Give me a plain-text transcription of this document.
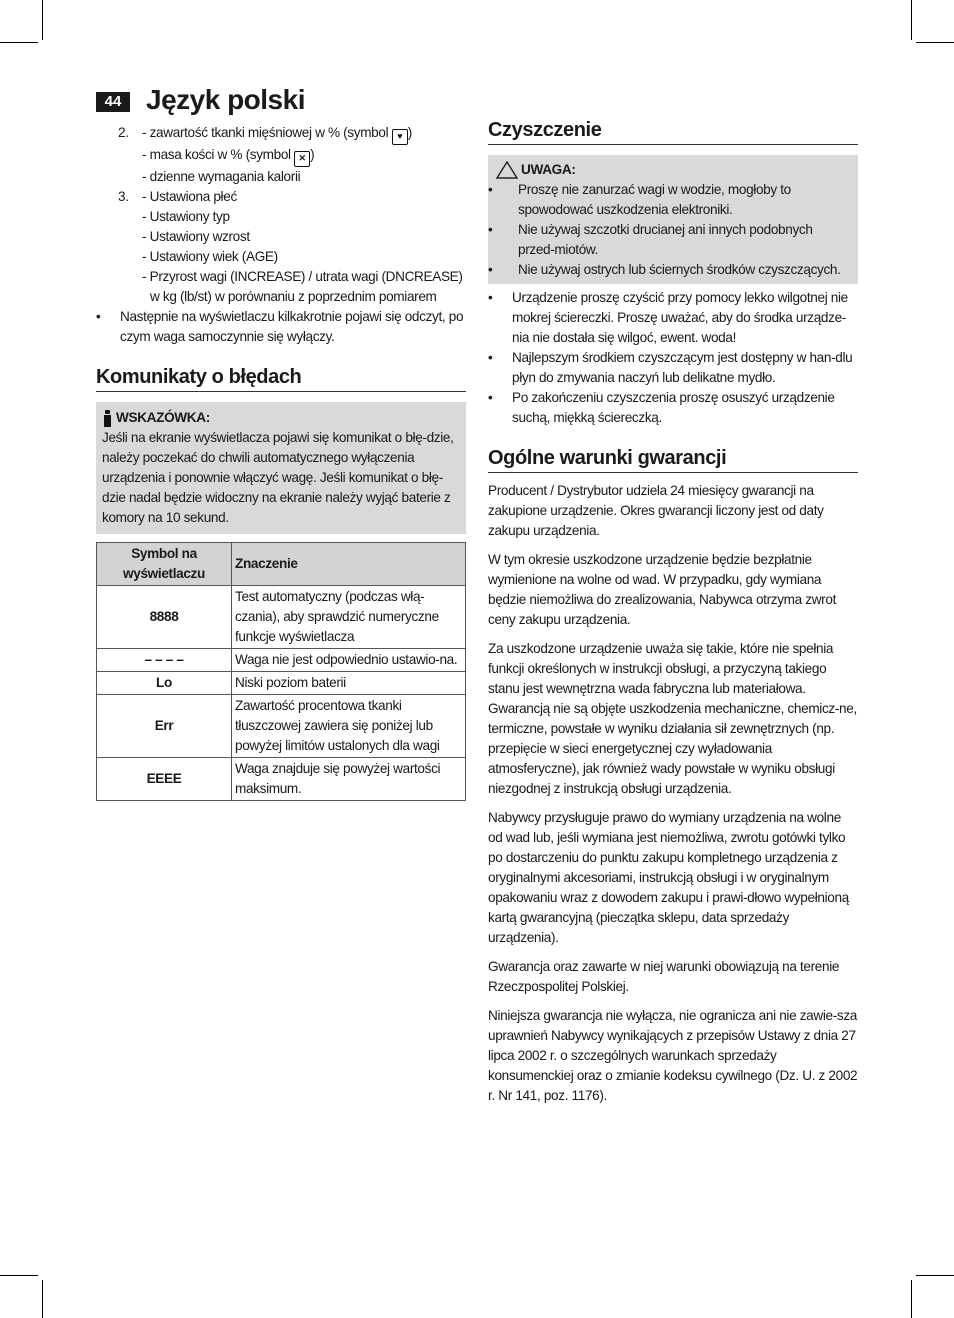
44 Język polski
2. - zawartość tkanki mięśniowej w % (symbol ♥ )
- masa kości w % (symbol ✕ )
- dzienne wymagania kalorii
3. - Ustawiona płeć
- Ustawiony typ
- Ustawiony wzrost
- Ustawiony wiek (AGE)
- Przyrost wagi (INCREASE) / utrata wagi (DNCREASE)
w kg (lb/st) w porównaniu z poprzednim pomiarem
• Następnie na wyświetlaczu kilkakrotnie pojawi się odczyt, po czym waga samoczynnie się wyłączy.
Komunikaty o błędach
WSKAZÓWKA:

Jeśli na ekranie wyświetlacza pojawi się komunikat o błę-dzie, należy poczekać do chwili automatycznego wyłączenia urządzenia i ponownie włączyć wagę. Jeśli komunikat o błę-dzie nadal będzie widoczny na ekranie należy wyjąć baterie z komory na 10 sekund.

Symbol na wyświetlaczu	Znaczenie
8888	Test automatyczny (podczas włą-czania), aby sprawdzić numeryczne funkcje wyświetlacza
– – – –	Waga nie jest odpowiednio ustawio-na.
Lo	Niski poziom baterii
Err	Zawartość procentowa tkanki tłuszczowej zawiera się poniżej lub powyżej limitów ustalonych dla wagi
EEEE	Waga znajduje się powyżej wartości maksimum.
Czyszczenie
UWAGA:
• Proszę nie zanurzać wagi w wodzie, mogłoby to spowodować uszkodzenia elektroniki.
• Nie używaj szczotki drucianej ani innych podobnych przed-miotów.
• Nie używaj ostrych lub ściernych środków czyszczących.
• Urządzenie proszę czyścić przy pomocy lekko wilgotnej nie mokrej ściereczki. Proszę uważać, aby do środka urządze-nia nie dostała się wilgoć, ewent. woda!
• Najlepszym środkiem czyszczącym jest dostępny w han-dlu płyn do zmywania naczyń lub delikatne mydło.
• Po zakończeniu czyszczenia proszę osuszyć urządzenie suchą, miękką ściereczką.
Ogólne warunki gwarancji

Producent / Dystrybutor udziela 24 miesięcy gwarancji na zakupione urządzenie. Okres gwarancji liczony jest od daty zakupu urządzenia.

W tym okresie uszkodzone urządzenie będzie bezpłatnie wymienione na wolne od wad. W przypadku, gdy wymiana będzie niemożliwa do zrealizowania, Nabywca otrzyma zwrot ceny zakupu urządzenia.

Za uszkodzone urządzenie uważa się takie, które nie spełnia funkcji określonych w instrukcji obsługi, a przyczyną takiego stanu jest wewnętrzna wada fabryczna lub materiałowa. Gwarancją nie są objęte uszkodzenia mechaniczne, chemicz-ne, termiczne, powstałe w wyniku działania sił zewnętrznych (np. przepięcie w sieci energetycznej czy wyładowania atmosferyczne), jak również wady powstałe w wyniku obsługi niezgodnej z instrukcją obsługi urządzenia.

Nabywcy przysługuje prawo do wymiany urządzenia na wolne od wad lub, jeśli wymiana jest niemożliwa, zwrotu gotówki tylko po dostarczeniu do punktu zakupu kompletnego urządzenia z oryginalnymi akcesoriami, instrukcją obsługi i w oryginalnym opakowaniu wraz z dowodem zakupu i prawi-dłowo wypełnioną kartą gwarancyjną (pieczątka sklepu, data sprzedaży urządzenia).

Gwarancja oraz zawarte w niej warunki obowiązują na terenie Rzeczpospolitej Polskiej.

Niniejsza gwarancja nie wyłącza, nie ogranicza ani nie zawie-sza uprawnień Nabywcy wynikających z przepisów Ustawy z dnia 27 lipca 2002 r. o szczególnych warunkach sprzedaży konsumenckiej oraz o zmianie kodeksu cywilnego (Dz. U. z 2002 r. Nr 141, poz. 1176).
